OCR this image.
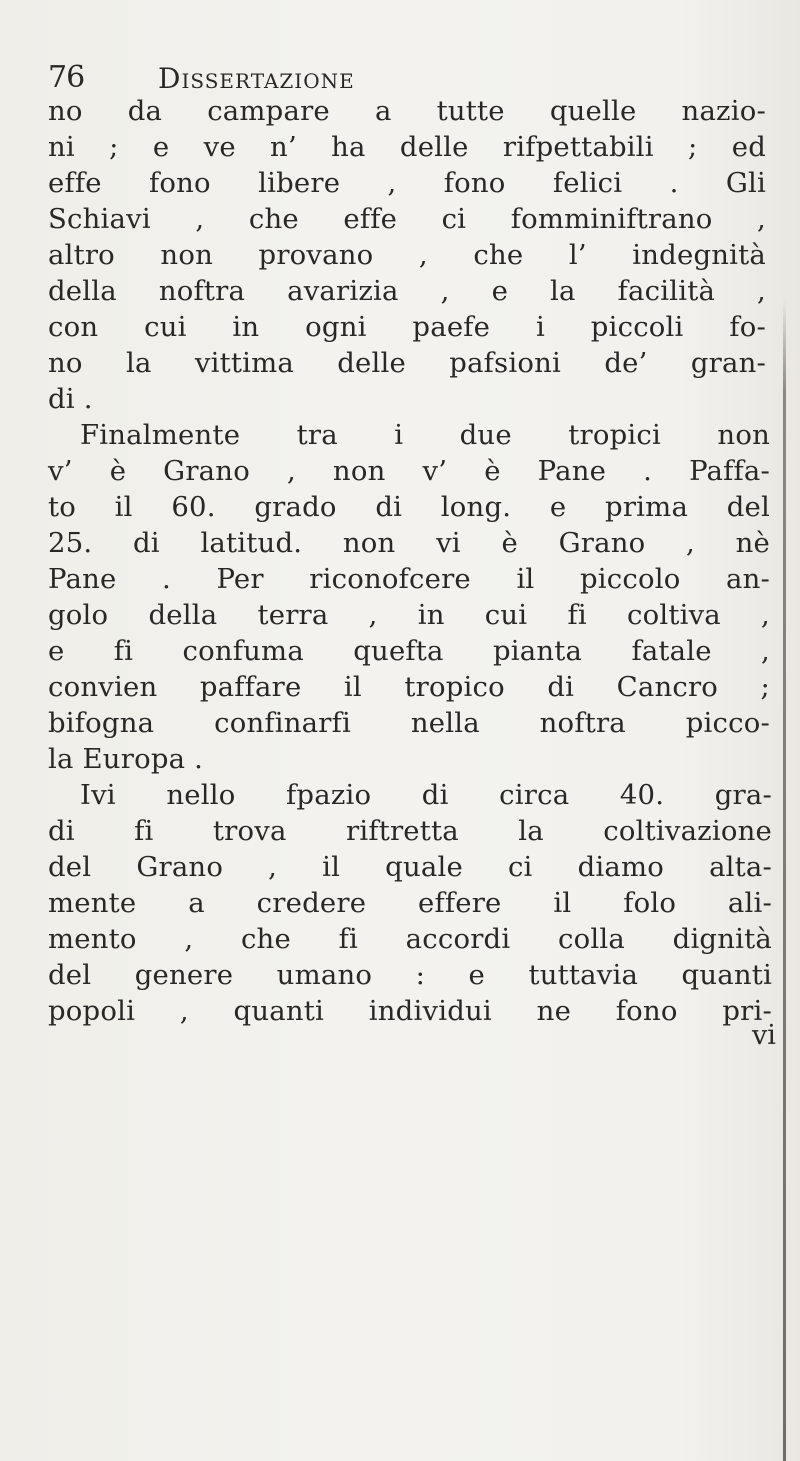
76	Dissertazione
no da campare a tutte quelle nazio-
ni ; e ve n’ ha delle rifpettabili ; ed
effe fono libere , fono felici . Gli
Schiavi , che effe ci fomminiftrano ,
altro non provano , che l’ indegnità
della noftra avarizia , e la facilità ,
con cui in ogni paefe i piccoli fo-
no la vittima delle pafsioni de’ gran-
di .
Finalmente tra i due tropici non
v’ è Grano , non v’ è Pane . Paffa-
to il 60. grado di long. e prima del
25. di latitud. non vi è Grano , nè
Pane . Per riconofcere il piccolo an-
golo della terra , in cui fi coltiva ,
e fi confuma quefta pianta fatale ,
convien paffare il tropico di Cancro ;
bifogna confinarfi nella noftra picco-
la Europa .
Ivi nello fpazio di circa 40. gra-
di fi trova riftretta la coltivazione
del Grano , il quale ci diamo alta-
mente a credere effere il folo ali-
mento , che fi accordi colla dignità
del genere umano : e tuttavia quanti
popoli , quanti individui ne fono pri-
vi
